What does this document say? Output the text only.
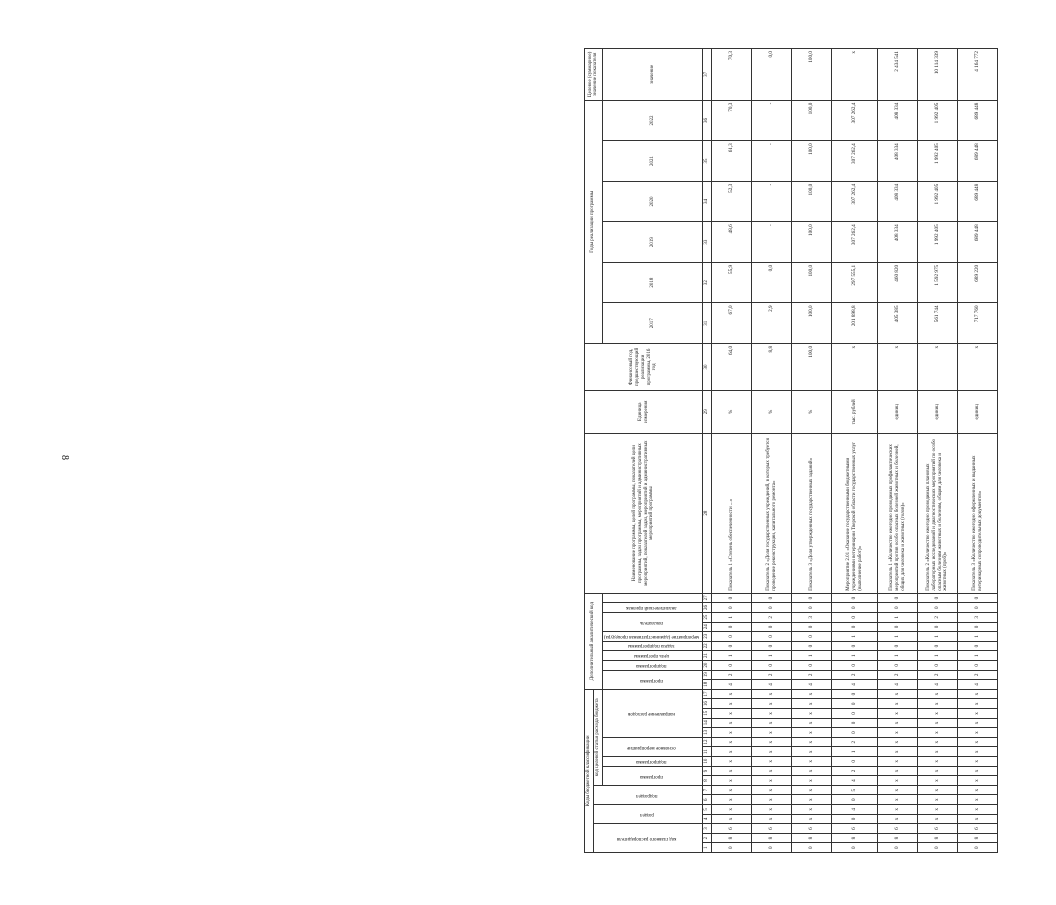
8
Коды бюджетной классификации																	Дополнительный аналитический код										Наименование программы, целей программы, показателей цели программы, задач программы, мероприятий и административных мероприятий, показателей задач, мероприятий и административных мероприятий программы	Единица измерения	Финансовый год, предшествующий реализации программы, 2016 год	Годы реализации программы						Целевое (суммарное) значение показателя
код главного распорядителя			раздел		подраздел		код целевой статьи расхода бюджета																													
							программа		подпрограмма	основное мероприятие		направление расходов					программа		подпрограмма	цель программы	задача подпрограммы	мероприятие (административная процедура)	показатель		аналитический признак					2017	2018	2019	2020	2021	2022	значение
1	2	3	4	5	6	7	8	9	10	11	12	13	14	15	16	17	18	19	20	21	22	23	24	25	26	27	28	29	30	31	32	33	34	35	36	37
0	8	6	х	х	х	х	х	х	х	х	х	х	х	х	х	х	4	2	0	1	0	0	0	1	0	0	Показатель 1 «Степень обеспеченности ...»	%	64,0	67,0	55,9	48,6	52,3	61,3	70,3	70,3
0	8	6	х	х	х	х	х	х	х	х	х	х	х	х	х	х	4	2	0	1	0	0	0	2	0	0	Показатель 2 «Доля государственных учреждений, в которых требуется проведение реконструкции, капитального ремонта»	%	8,8	2,9	0,0	-	-	-	-	0,0
0	8	6	х	х	х	х	х	х	х	х	х	х	х	х	х	х	4	2	0	1	0	0	0	3	0	0	Показатель 3 «Доля утвержденных государственных заданий»	%	100,0	100,0	100,0	100,0	100,0	100,0	100,0	100,0
0	8	6	0	4	0	5	4	2	0	1	2	0	0	0	0	0	4	2	0	1	0	1	0	0	0	0	Мероприятие 2.01 «Оказание государственными бюджетными учреждениями ветеринарии Тверской области государственных услуг (выполнение работ)»	тыс. рублей	х	201 898,8	297 555,1	307 262,4	307 262,4	307 262,4	307 262,4	х
0	8	6	х	х	х	х	х	х	х	х	х	х	х	х	х	х	4	2	0	1	0	1	0	1	0	0	Показатель 1 «Количество ежегодно проводимых профилактических мероприятий против особо опасных болезней животных и болезней, общих для человека и животных (голов)»	единиц	х	405 385	460 820	408 334	408 334	408 334	408 334	2 434 541
0	8	6	х	х	х	х	х	х	х	х	х	х	х	х	х	х	4	2	0	1	0	1	0	2	0	0	Показатель 2 «Количество ежегодно проводимых плановых лабораторных исследований и диагностических мероприятий по особо опасным болезням животных и болезням, общим для человека и животных (проб)»	единиц	х	561 744	1 592 975	1 992 405	1 992 405	1 992 405	1 992 405	10 114 339
0	8	6	х	х	х	х	х	х	х	х	х	х	х	х	х	х	4	2	0	1	0	1	0	3	0	0	Показатель 3 «Количество ежегодно оформленных и выданных ветеринарных сопроводительных документов»	единиц	х	717 760	689 220	689 448	689 448	689 448	689 448	4 164 772
